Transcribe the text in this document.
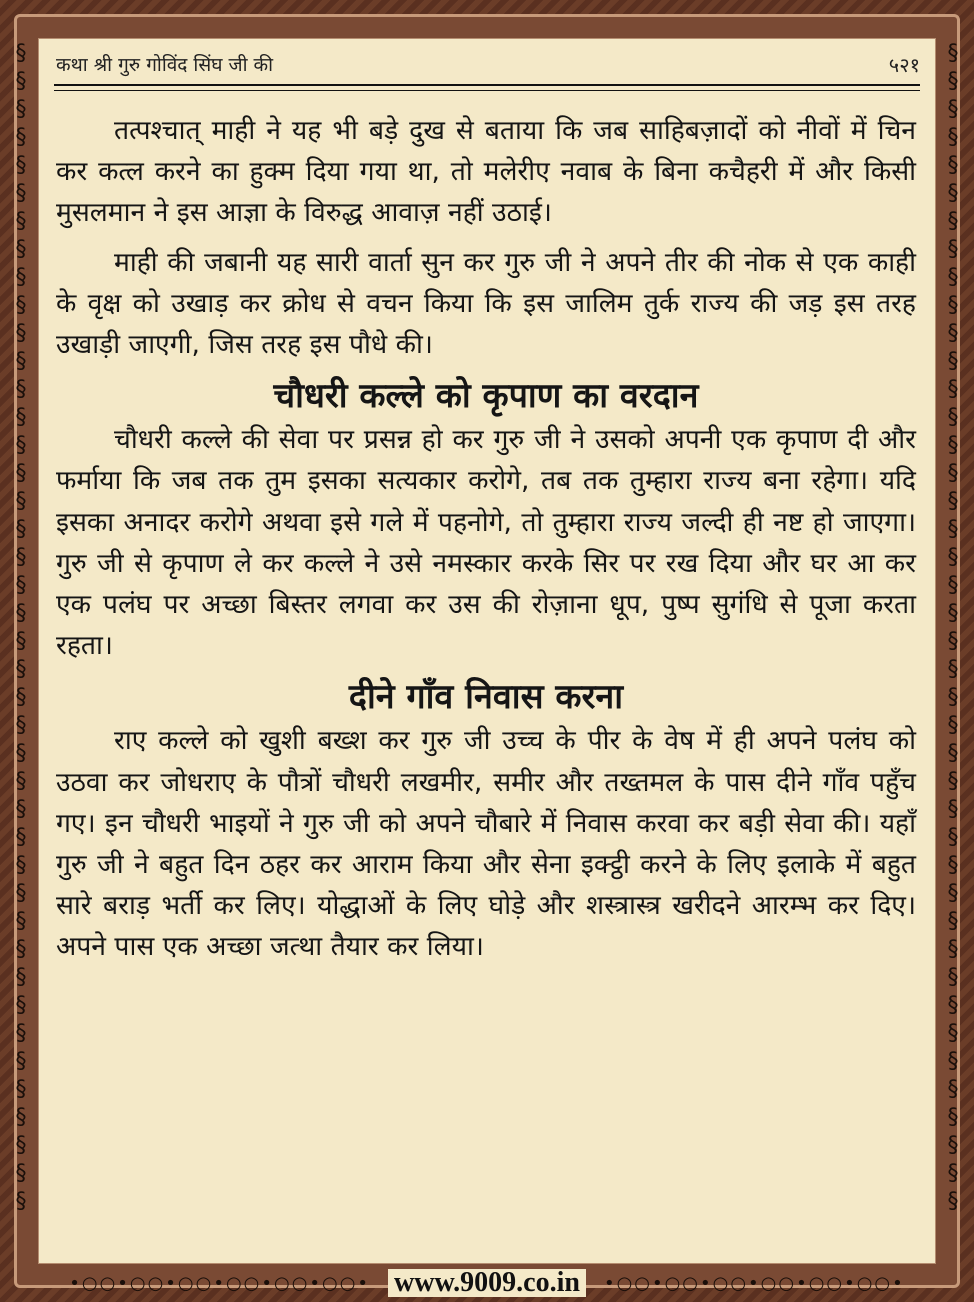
§
§
§
§
§
§
§
§
§
§
§
§
§
§
§
§
§
§
§
§
§
§
§
§
§
§
§
§
§
§
§
§
§
§
§
§
§
§
§
§
§
§
§
§
§
§
§
§
§
§
§
§
§
§
§
§
§
§
§
§
§
§
§
§
§
§
§
§
§
§
§
§
§
§
§
§
§
§
§
§
§
§
§
§
कथा श्री गुरु गोविंद सिंघ जी की	५२१

तत्पश्चात् माही ने यह भी बड़े दुख से बताया कि जब साहिबज़ादों को नीवों में चिन कर कत्ल करने का हुक्म दिया गया था, तो मलेरीए नवाब के बिना कचैहरी में और किसी मुसलमान ने इस आज्ञा के विरुद्ध आवाज़ नहीं उठाई।

माही की जबानी यह सारी वार्ता सुन कर गुरु जी ने अपने तीर की नोक से एक काही के वृक्ष को उखाड़ कर क्रोध से वचन किया कि इस जालिम तुर्क राज्य की जड़ इस तरह उखाड़ी जाएगी, जिस तरह इस पौधे की।

चौधरी कल्ले को कृपाण का वरदान

चौधरी कल्ले की सेवा पर प्रसन्न हो कर गुरु जी ने उसको अपनी एक कृपाण दी और फर्माया कि जब तक तुम इसका सत्यकार करोगे, तब तक तुम्हारा राज्य बना रहेगा। यदि इसका अनादर करोगे अथवा इसे गले में पहनोगे, तो तुम्हारा राज्य जल्दी ही नष्ट हो जाएगा। गुरु जी से कृपाण ले कर कल्ले ने उसे नमस्कार करके सिर पर रख दिया और घर आ कर एक पलंघ पर अच्छा बिस्तर लगवा कर उस की रोज़ाना धूप, पुष्प सुगंधि से पूजा करता रहता।

दीने गाँव निवास करना

राए कल्ले को खुशी बख्श कर गुरु जी उच्च के पीर के वेष में ही अपने पलंघ को उठवा कर जोधराए के पौत्रों चौधरी लखमीर, समीर और तख्तमल के पास दीने गाँव पहुँच गए। इन चौधरी भाइयों ने गुरु जी को अपने चौबारे में निवास करवा कर बड़ी सेवा की। यहाँ गुरु जी ने बहुत दिन ठहर कर आराम किया और सेना इक्ट्ठी करने के लिए इलाके में बहुत सारे बराड़ भर्ती कर लिए। योद्धाओं के लिए घोड़े और शस्त्रास्त्र खरीदने आरम्भ कर दिए। अपने पास एक अच्छा जत्था तैयार कर लिया।

•○○•○○•○○•○○•○○•○○• www.9009.co.in	•○○•○○•○○•○○•○○•○○•
